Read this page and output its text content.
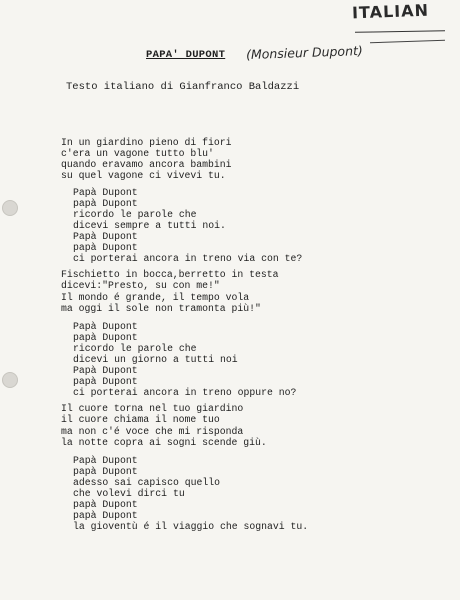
ITALIAN
PAPA' DUPONT (Monsieur Dupont)
Testo italiano di Gianfranco Baldazzi
In un giardino pieno di fiori
c'era un vagone tutto blu'
quando eravamo ancora bambini
su quel vagone ci vivevi tu.
Papà Dupont
papà Dupont
ricordo le parole che
dicevi sempre a tutti noi.
Papà Dupont
papà Dupont
ci porterai ancora in treno via con te?
Fischietto in bocca,berretto in testa
dicevi:"Presto, su con me!"
Il mondo é grande, il tempo vola
ma oggi il sole non tramonta più!"
Papà Dupont
papà Dupont
ricordo le parole che
dicevi un giorno a tutti noi
Papà Dupont
papà Dupont
ci porterai ancora in treno oppure no?
Il cuore torna nel tuo giardino
il cuore chiama il nome tuo
ma non c'é voce che mi risponda
la notte copra ai sogni scende giù.
Papà Dupont
papà Dupont
adesso sai capisco quello
che volevi dirci tu
papà Dupont
papà Dupont
la gioventù é il viaggio che sognavi tu.
